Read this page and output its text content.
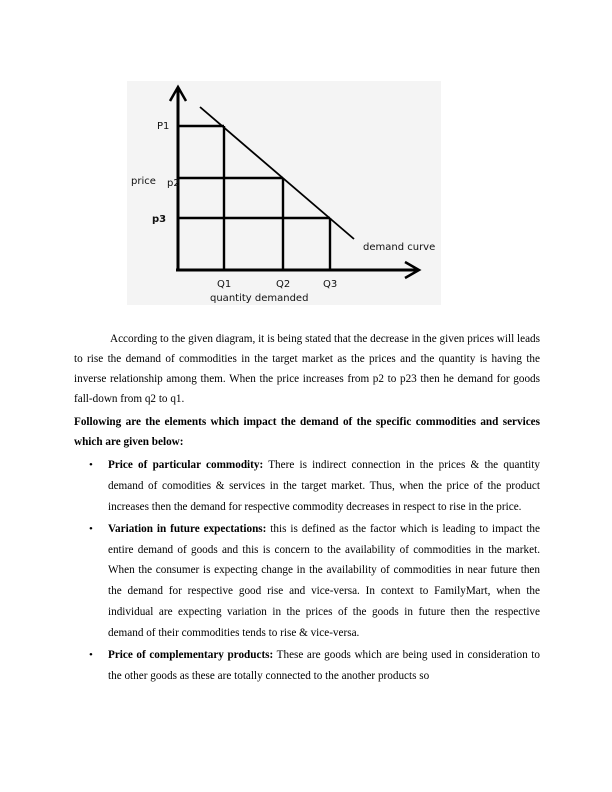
Q1	Q2	Q3
P1
p2
p3
price
quantity demanded
demand curve

According to the given diagram, it is being stated that the decrease in the given prices will leads to rise the demand of commodities in the target market as the prices and the quantity is having the inverse relationship among them. When the price increases from p2 to p23 then he demand for goods fall-down from q2 to q1.

Following are the elements which impact the demand of the specific commodities and services which are given below:

• Price of particular commodity: There is indirect connection in the prices & the quantity demand of comodities & services in the target market. Thus, when the price of the product increases then the demand for respective commodity decreases in respect to rise in the price.
• Variation in future expectations: this is defined as the factor which is leading to impact the entire demand of goods and this is concern to the availability of commodities in the market. When the consumer is expecting change in the availability of commodities in near future then the demand for respective good rise and vice-versa. In context to FamilyMart, when the individual are expecting variation in the prices of the goods in future then the respective demand of their commodities tends to rise & vice-versa.
• Price of complementary products: These are goods which are being used in consideration to the other goods as these are totally connected to the another products so
